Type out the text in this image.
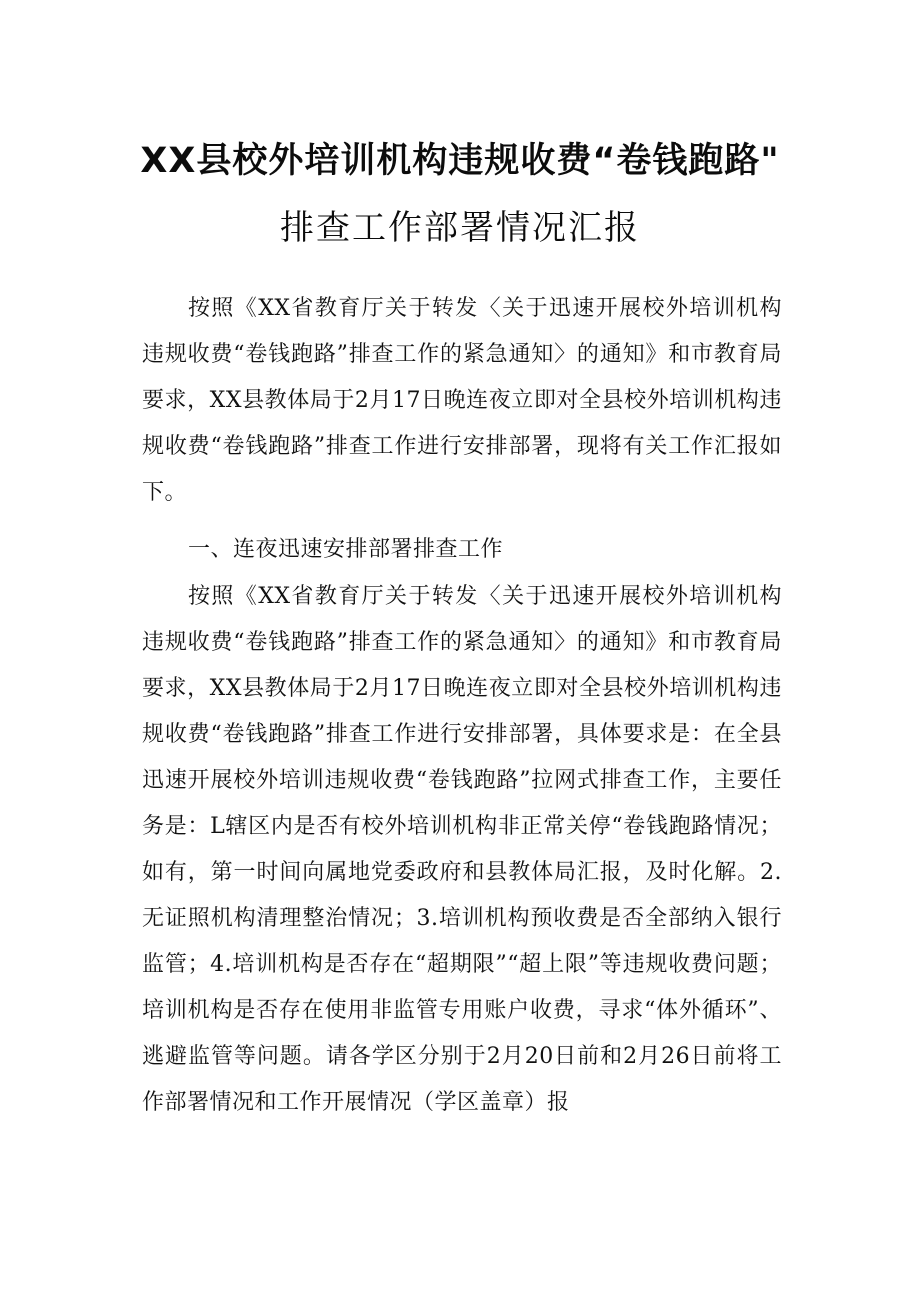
XX县校外培训机构违规收费“卷钱跑路"
排查工作部署情况汇报

按照《XX省教育厅关于转发〈关于迅速开展校外培训机构违规收费“卷钱跑路”排查工作的紧急通知〉的通知》和市教育局要求，XX县教体局于2月17日晚连夜立即对全县校外培训机构违规收费“卷钱跑路”排查工作进行安排部署，现将有关工作汇报如下。

一、连夜迅速安排部署排查工作

按照《XX省教育厅关于转发〈关于迅速开展校外培训机构违规收费“卷钱跑路”排查工作的紧急通知〉的通知》和市教育局要求，XX县教体局于2月17日晚连夜立即对全县校外培训机构违规收费“卷钱跑路”排查工作进行安排部署，具体要求是：在全县迅速开展校外培训违规收费“卷钱跑路”拉网式排查工作，主要任务是：L辖区内是否有校外培训机构非正常关停“卷钱跑路情况；如有，第一时间向属地党委政府和县教体局汇报，及时化解。2.无证照机构清理整治情况；3.培训机构预收费是否全部纳入银行监管；4.培训机构是否存在“超期限”“超上限”等违规收费问题；培训机构是否存在使用非监管专用账户收费，寻求“体外循环”、逃避监管等问题。请各学区分别于2月20日前和2月26日前将工作部署情况和工作开展情况（学区盖章）报
